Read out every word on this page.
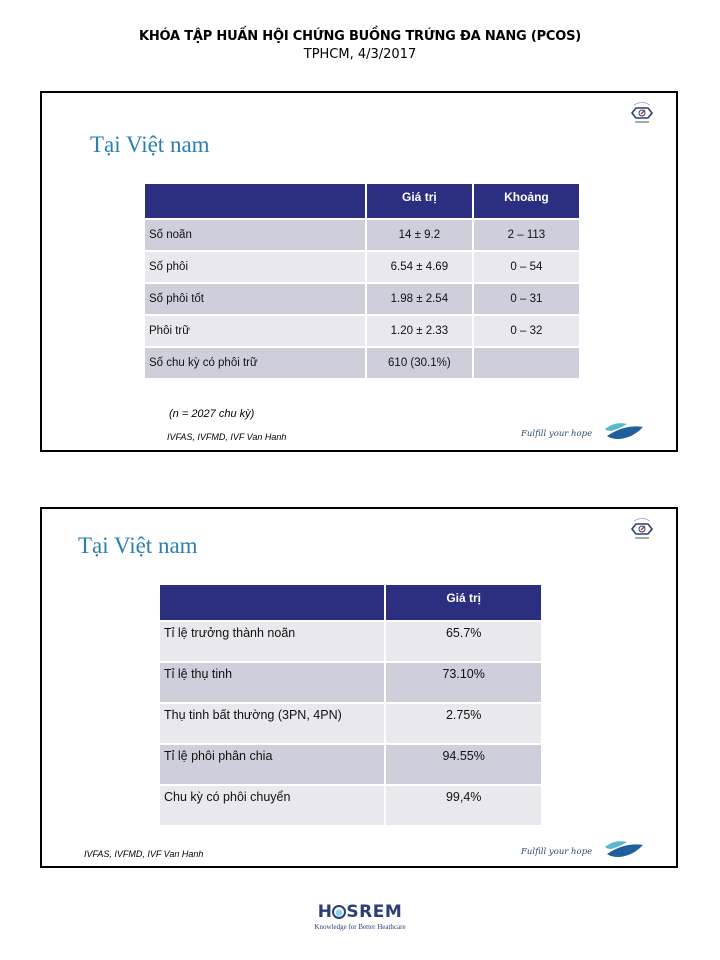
KHÓA TẬP HUẤN HỘI CHỨNG BUỒNG TRỨNG ĐA NANG (PCOS)
TPHCM, 4/3/2017
Tại Việt nam
	Giá trị	Khoảng
Số noãn	14 ± 9.2	2 – 113
Số phôi	6.54 ± 4.69	0 – 54
Số phôi tốt	1.98 ± 2.54	0 – 31
Phôi trữ	1.20 ± 2.33	0 – 32
Số chu kỳ có phôi trữ	610 (30.1%)	
(n = 2027 chu kỳ)
IVFAS, IVFMD, IVF Van Hanh	Fulfill your hope
Tại Việt nam
	Giá trị
Tỉ lệ trưởng thành noãn	65.7%
Tỉ lệ thụ tinh	73.10%
Thụ tinh bất thường (3PN, 4PN)	2.75%
Tỉ lệ phôi phân chia	94.55%
Chu kỳ có phôi chuyển	99,4%
IVFAS, IVFMD, IVF Van Hanh	Fulfill your hope
H SREM
Knowledge for Better Heathcare
